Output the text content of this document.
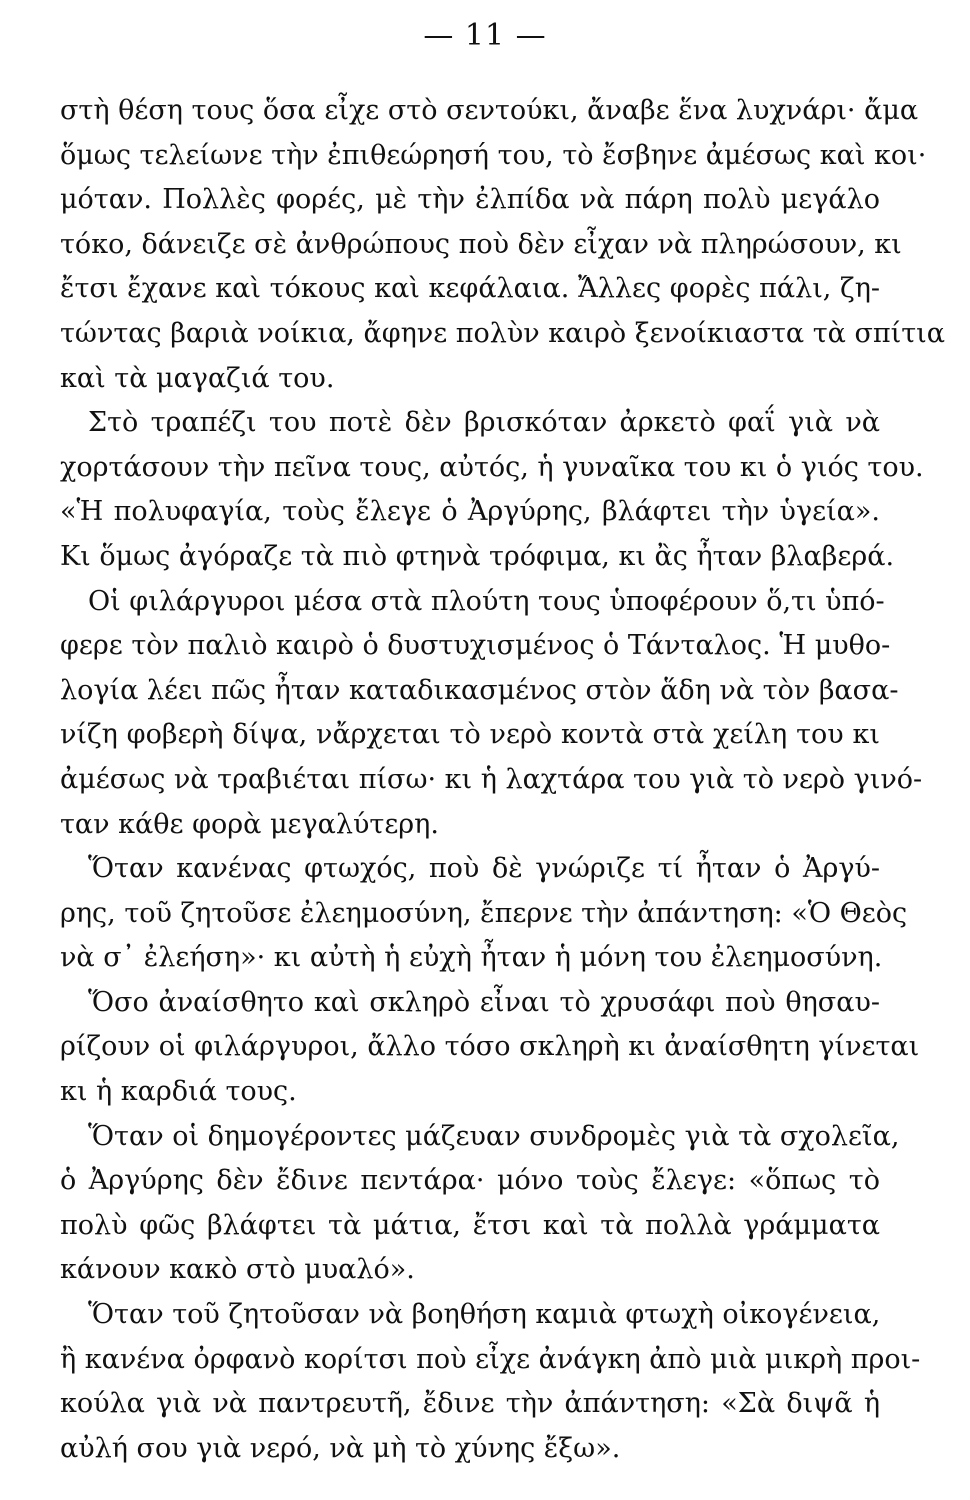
— 11 —
στὴ θέση τους ὅσα εἶχε στὸ σεντούκι, ἄναβε ἕνα λυχνάρι· ἄμα
ὅμως τελείωνε τὴν ἐπιθεώρησή του, τὸ ἔσβηνε ἀμέσως καὶ κοι·
μόταν. Πολλὲς φορές, μὲ τὴν ἐλπίδα νὰ πάρη πολὺ μεγάλο
τόκο, δάνειζε σὲ ἀνθρώπους ποὺ δὲν εἶχαν νὰ πληρώσουν, κι
ἔτσι ἔχανε καὶ τόκους καὶ κεφάλαια. Ἄλλες φορὲς πάλι, ζη-
τώντας βαριὰ νοίκια, ἄφηνε πολὺν καιρὸ ξενοίκιαστα τὰ σπίτια
καὶ τὰ μαγαζιά του.
Στὸ τραπέζι του ποτὲ δὲν βρισκόταν ἀρκετὸ φαΐ γιὰ νὰ
χορτάσουν τὴν πεῖνα τους, αὐτός, ἡ γυναῖκα του κι ὁ γιός του.
«Ἡ πολυφαγία, τοὺς ἔλεγε ὁ Ἀργύρης, βλάφτει τὴν ὑγεία».
Κι ὅμως ἀγόραζε τὰ πιὸ φτηνὰ τρόφιμα, κι ἂς ἦταν βλαβερά.
Οἱ φιλάργυροι μέσα στὰ πλούτη τους ὑποφέρουν ὅ,τι ὑπό-
φερε τὸν παλιὸ καιρὸ ὁ δυστυχισμένος ὁ Τάνταλος. Ἡ μυθο-
λογία λέει πῶς ἦταν καταδικασμένος στὸν ἅδη νὰ τὸν βασα-
νίζη φοβερὴ δίψα, νἄρχεται τὸ νερὸ κοντὰ στὰ χείλη του κι
ἀμέσως νὰ τραβιέται πίσω· κι ἡ λαχτάρα του γιὰ τὸ νερὸ γινό-
ταν κάθε φορὰ μεγαλύτερη.
Ὅταν κανένας φτωχός, ποὺ δὲ γνώριζε τί ἦταν ὁ Ἀργύ-
ρης, τοῦ ζητοῦσε ἐλεημοσύνη, ἔπερνε τὴν ἀπάντηση: «Ὁ Θεὸς
νὰ σ᾽ ἐλεήση»· κι αὐτὴ ἡ εὐχὴ ἦταν ἡ μόνη του ἐλεημοσύνη.
Ὅσο ἀναίσθητο καὶ σκληρὸ εἶναι τὸ χρυσάφι ποὺ θησαυ-
ρίζουν οἱ φιλάργυροι, ἄλλο τόσο σκληρὴ κι ἀναίσθητη γίνεται
κι ἡ καρδιά τους.
Ὅταν οἱ δημογέροντες μάζευαν συνδρομὲς γιὰ τὰ σχολεῖα,
ὁ Ἀργύρης δὲν ἔδινε πεντάρα· μόνο τοὺς ἔλεγε: «ὅπως τὸ
πολὺ φῶς βλάφτει τὰ μάτια, ἔτσι καὶ τὰ πολλὰ γράμματα
κάνουν κακὸ στὸ μυαλό».
Ὅταν τοῦ ζητοῦσαν νὰ βοηθήση καμιὰ φτωχὴ οἰκογένεια,
ἢ κανένα ὀρφανὸ κορίτσι ποὺ εἶχε ἀνάγκη ἀπὸ μιὰ μικρὴ προι-
κούλα γιὰ νὰ παντρευτῆ, ἔδινε τὴν ἀπάντηση: «Σὰ διψᾶ ἡ
αὐλή σου γιὰ νερό, νὰ μὴ τὸ χύνης ἔξω».
